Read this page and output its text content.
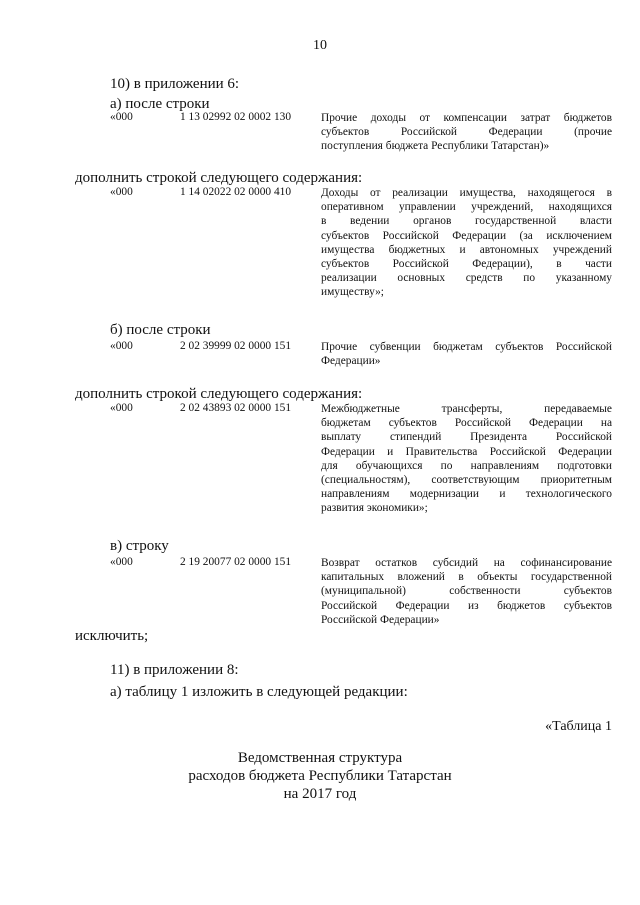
10
10) в приложении 6:
а) после строки
«000	1 13 02992 02 0002 130	Прочие доходы от компенсации затрат бюджетов
субъектов Российской Федерации (прочие
поступления бюджета Республики Татарстан)»
дополнить строкой следующего содержания:
«000	1 14 02022 02 0000 410	Доходы от реализации имущества, находящегося в
оперативном управлении учреждений, находящихся
в ведении органов государственной власти
субъектов Российской Федерации (за исключением
имущества бюджетных и автономных учреждений
субъектов Российской Федерации), в части
реализации основных средств по указанному
имуществу»;
б) после строки
«000	2 02 39999 02 0000 151	Прочие субвенции бюджетам субъектов Российской
Федерации»
дополнить строкой следующего содержания:
«000	2 02 43893 02 0000 151	Межбюджетные трансферты, передаваемые
бюджетам субъектов Российской Федерации на
выплату стипендий Президента Российской
Федерации и Правительства Российской Федерации
для обучающихся по направлениям подготовки
(специальностям), соответствующим приоритетным
направлениям модернизации и технологического
развития экономики»;
в) строку
«000	2 19 20077 02 0000 151	Возврат остатков субсидий на софинансирование
капитальных вложений в объекты государственной
(муниципальной) собственности субъектов
Российской Федерации из бюджетов субъектов
Российской Федерации»
исключить;
11) в приложении 8:
а) таблицу 1 изложить в следующей редакции:
«Таблица 1
Ведомственная структура
расходов бюджета Республики Татарстан
на 2017 год
